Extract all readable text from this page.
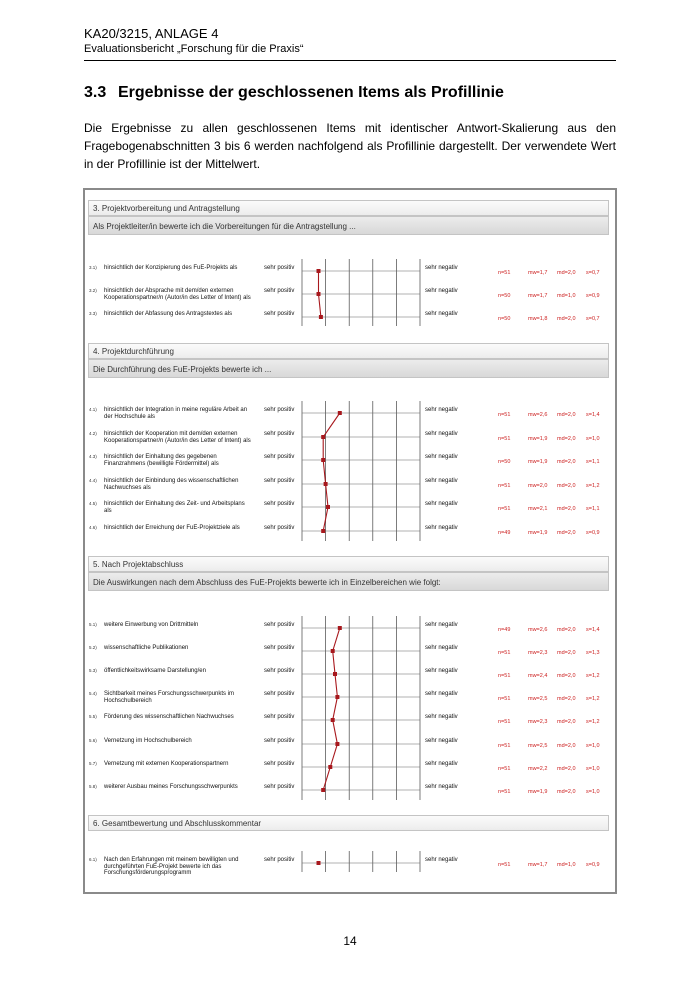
KA20/3215, ANLAGE 4
Evaluationsbericht „Forschung für die Praxis“
3.3 Ergebnisse der geschlossenen Items als Profillinie
Die Ergebnisse zu allen geschlossenen Items mit identischer Antwort-Skalierung aus den Fragebogenabschnitten 3 bis 6 werden nachfolgend als Profillinie dargestellt. Der verwendete Wert in der Profillinie ist der Mittelwert.
3. Projektvorbereitung und Antragstellung
Als Projektleiter/in bewerte ich die Vorbereitungen für die Antragstellung ...
4. Projektdurchführung
Die Durchführung des FuE-Projekts bewerte ich ...
5. Nach Projektabschluss
Die Auswirkungen nach dem Abschluss des FuE-Projekts bewerte ich in Einzelbereichen wie folgt:
6. Gesamtbewertung und Abschlusskommentar
3.1) hinsichtlich der Konzipierung des FuE-Projekts als	sehr positiv	sehr negativ
n=51	mw=1,7 md=2,0 s=0,7
3.2) hinsichtlich der Absprache mit dem/den externen Kooperationspartner/n (Autor/in des Letter of Intent) als
sehr positiv	sehr negativ
n=50	mw=1,7 md=1,0 s=0,9
3.3) hinsichtlich der Abfassung des Antragstextes als	sehr positiv	sehr negativ
n=50	mw=1,8 md=2,0 s=0,7
4.1) hinsichtlich der Integration in meine reguläre Arbeit an der Hochschule als
sehr positiv	sehr negativ
n=51	mw=2,6 md=2,0 s=1,4
4.2) hinsichtlich der Kooperation mit dem/den externen Kooperationspartner/n (Autor/in des Letter of Intent) als
sehr positiv	sehr negativ
n=51	mw=1,9 md=2,0 s=1,0
4.3) hinsichtlich der Einhaltung des gegebenen Finanzrahmens (bewilligte Fördermittel) als
sehr positiv	sehr negativ
n=50	mw=1,9 md=2,0 s=1,1
4.4) hinsichtlich der Einbindung des wissenschaftlichen Nachwuchses als
sehr positiv	sehr negativ
n=51	mw=2,0 md=2,0 s=1,2
4.5) hinsichtlich der Einhaltung des Zeit- und Arbeitsplans als
sehr positiv	sehr negativ
n=51	mw=2,1 md=2,0 s=1,1
4.6) hinsichtlich der Erreichung der FuE-Projektziele als	sehr positiv	sehr negativ
n=49	mw=1,9 md=2,0 s=0,9
5.1) weitere Einwerbung von Drittmitteln	sehr positiv	sehr negativ
n=49	mw=2,6 md=2,0 s=1,4
5.2) wissenschaftliche Publikationen	sehr positiv	sehr negativ
n=51	mw=2,3 md=2,0 s=1,3
5.3) öffentlichkeitswirksame Darstellung/en	sehr positiv	sehr negativ
n=51	mw=2,4 md=2,0 s=1,2
5.4) Sichtbarkeit meines Forschungsschwerpunkts im Hochschulbereich
sehr positiv	sehr negativ
n=51	mw=2,5 md=2,0 s=1,2
5.5) Förderung des wissenschaftlichen Nachwuchses	sehr positiv	sehr negativ
n=51	mw=2,3 md=2,0 s=1,2
5.6) Vernetzung im Hochschulbereich	sehr positiv	sehr negativ
n=51	mw=2,5 md=2,0 s=1,0
5.7) Vernetzung mit externen Kooperationspartnern	sehr positiv	sehr negativ
n=51	mw=2,2 md=2,0 s=1,0
5.8) weiterer Ausbau meines Forschungsschwerpunkts	sehr positiv	sehr negativ
n=51	mw=1,9 md=2,0 s=1,0
6.1) Nach den Erfahrungen mit meinem bewilligten und durchgeführten FuE-Projekt bewerte ich das Forschungsförderungsprogramm
sehr positiv	sehr negativ
n=51	mw=1,7 md=1,0 s=0,9
14
